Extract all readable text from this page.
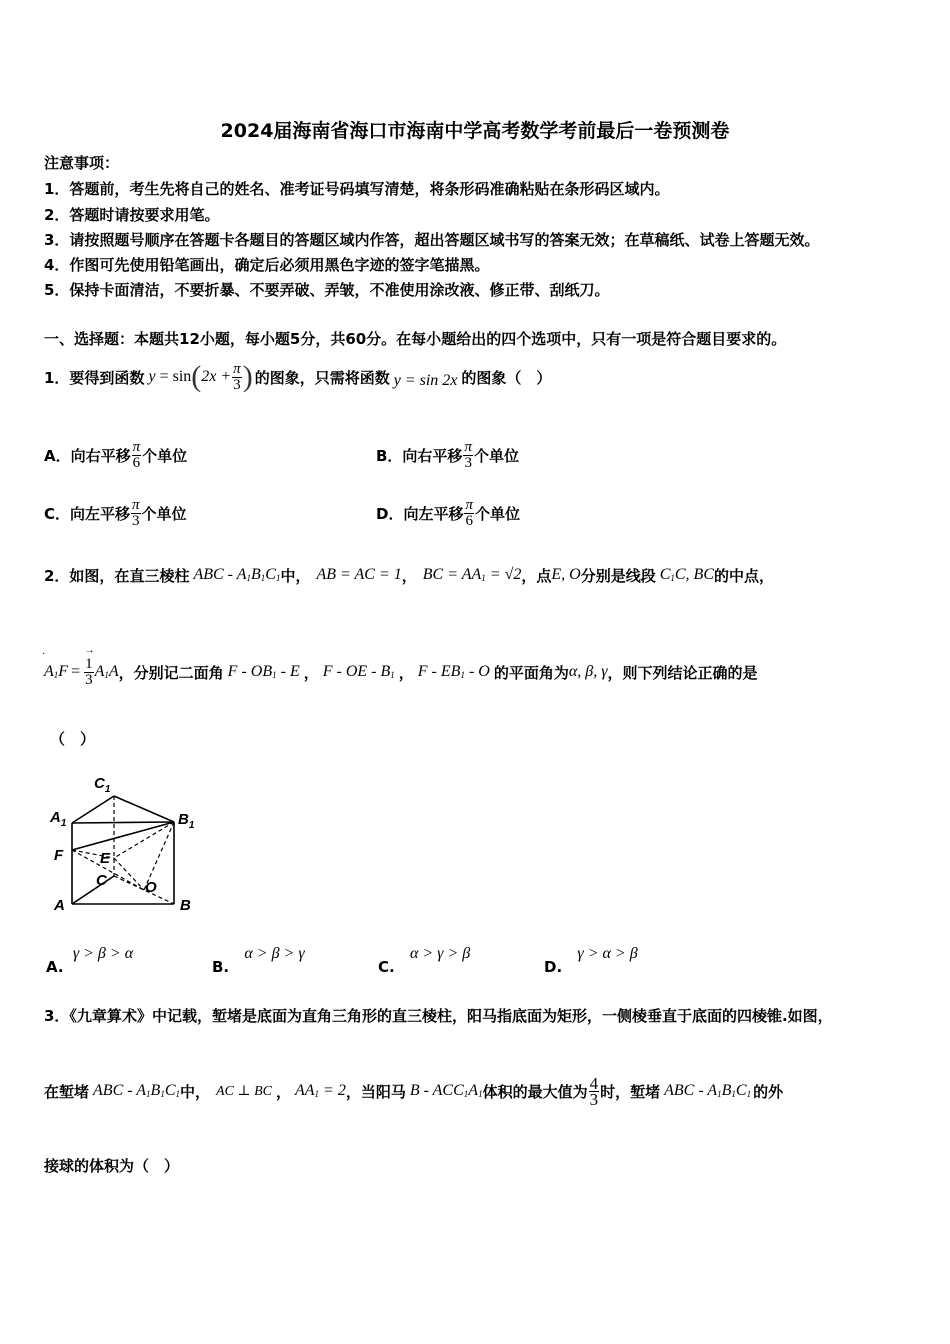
2024届海南省海口市海南中学高考数学考前最后一卷预测卷
注意事项：
1．答题前，考生先将自己的姓名、准考证号码填写清楚，将条形码准确粘贴在条形码区域内。
2．答题时请按要求用笔。
3．请按照题号顺序在答题卡各题目的答题区域内作答，超出答题区域书写的答案无效；在草稿纸、试卷上答题无效。
4．作图可先使用铅笔画出，确定后必须用黑色字迹的签字笔描黑。
5．保持卡面清洁，不要折暴、不要弄破、弄皱，不准使用涂改液、修正带、刮纸刀。
一、选择题：本题共12小题，每小题5分，共60分。在每小题给出的四个选项中，只有一项是符合题目要求的。
1．要得到函数 y = sin ( $2x + \frac{\pi}{3}$ ) 的图象，只需将函数 y = sin 2x 的图象（　）
A．向右平移 $\frac{\pi}{6}$ 个单位	B．向右平移 $\frac{\pi}{3}$ 个单位
C．向左平移 $\frac{\pi}{3}$ 个单位	D．向左平移 $\frac{\pi}{6}$ 个单位
2．如图，在直三棱柱 ABC - $A_1B_1C_1$ 中， AB = AC = 1 ， BC = $AA_1 = √2$ ，点 E, O 分别是线段 $C_1C$, BC 的中点，
·
$A_1F = \frac{1}{3}$
→
$A_1A$ ，分别记二面角 F - $OB_1$ - E ， F - OE - $B_1$ ， F - $EB_1$ - O 的平面角为 α, β, γ ，则下列结论正确的是
（　）
$C_1$
$A_1$	$B_1$
F E
C	O
A	B
A. γ > β > α
B. α > β > γ
C. α > γ > β
D. γ > α > β
3．《九章算术》中记载，堑堵是底面为直角三角形的直三棱柱，阳马指底面为矩形，一侧棱垂直于底面的四棱锥.如图，
在堑堵 ABC - $A_1B_1C_1$ 中， AC ⊥ BC ， $AA_1 = 2$ ，当阳马 B - $ACC_1A_1$ 体积的最大值为 $\frac{4}{3}$ 时，堑堵 ABC - $A_1B_1C_1$ 的外
接球的体积为（　）
